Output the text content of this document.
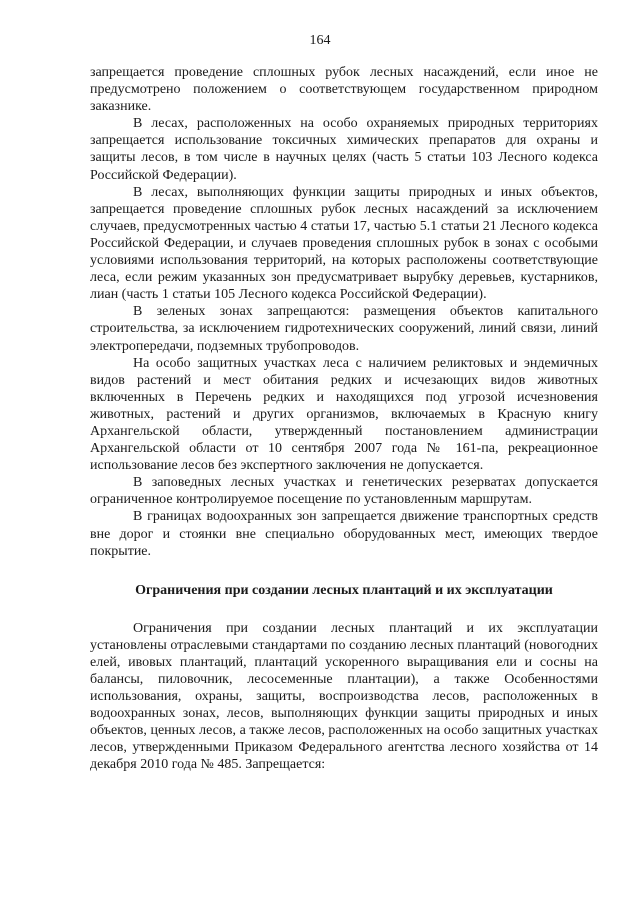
164

запрещается проведение сплошных рубок лесных насаждений, если иное не предусмотрено положением о соответствующем государственном природном заказнике.

В лесах, расположенных на особо охраняемых природных территориях запрещается использование токсичных химических препаратов для охраны и защиты лесов, в том числе в научных целях (часть 5 статьи 103 Лесного кодекса Российской Федерации).

В лесах, выполняющих функции защиты природных и иных объектов, запрещается проведение сплошных рубок лесных насаждений за исключением случаев, предусмотренных частью 4 статьи 17, частью 5.1 статьи 21 Лесного кодекса Российской Федерации, и случаев проведения сплошных рубок в зонах с особыми условиями использования территорий, на которых расположены соответствующие леса, если режим указанных зон предусматривает вырубку деревьев, кустарников, лиан (часть 1 статьи 105 Лесного кодекса Российской Федерации).

В зеленых зонах запрещаются: размещения объектов капитального строительства, за исключением гидротехнических сооружений, линий связи, линий электропередачи, подземных трубопроводов.

На особо защитных участках леса с наличием реликтовых и эндемичных видов растений и мест обитания редких и исчезающих видов животных включенных в Перечень редких и находящихся под угрозой исчезновения животных, растений и других организмов, включаемых в Красную книгу Архангельской области, утвержденный постановлением администрации Архангельской области от 10 сентября 2007 года № 161-па, рекреационное использование лесов без экспертного заключения не допускается.

В заповедных лесных участках и генетических резерватах допускается ограниченное контролируемое посещение по установленным маршрутам.

В границах водоохранных зон запрещается движение транспортных средств вне дорог и стоянки вне специально оборудованных мест, имеющих твердое покрытие.

Ограничения при создании лесных плантаций и их эксплуатации

Ограничения при создании лесных плантаций и их эксплуатации установлены отраслевыми стандартами по созданию лесных плантаций (новогодних елей, ивовых плантаций, плантаций ускоренного выращивания ели и сосны на балансы, пиловочник, лесосеменные плантации), а также Особенностями использования, охраны, защиты, воспроизводства лесов, расположенных в водоохранных зонах, лесов, выполняющих функции защиты природных и иных объектов, ценных лесов, а также лесов, расположенных на особо защитных участках лесов, утвержденными Приказом Федерального агентства лесного хозяйства от 14 декабря 2010 года № 485. Запрещается:
